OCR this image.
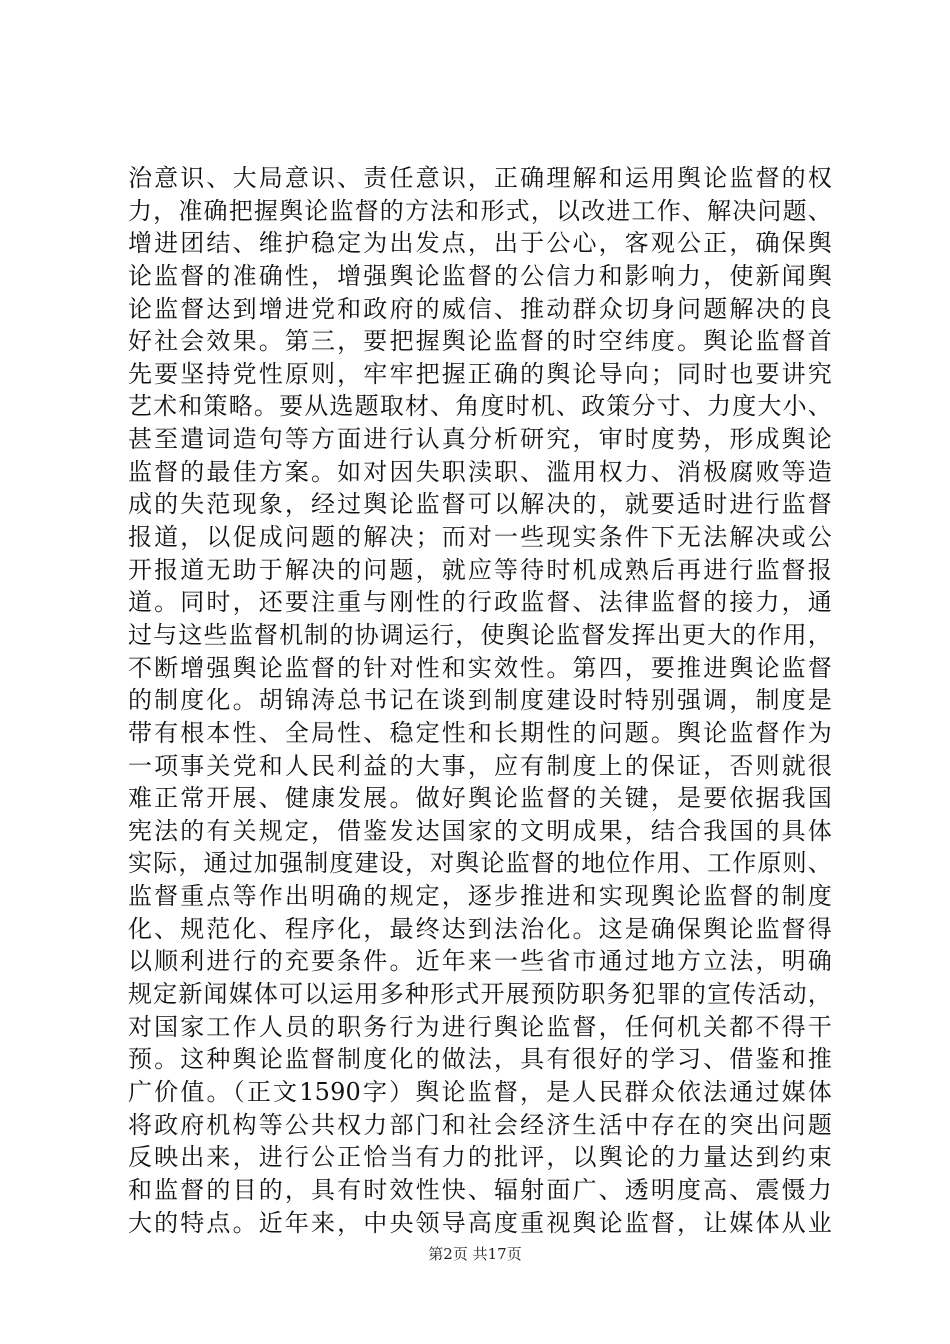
治意识、大局意识、责任意识，正确理解和运用舆论监督的权
力，准确把握舆论监督的方法和形式，以改进工作、解决问题、
增进团结、维护稳定为出发点，出于公心，客观公正，确保舆
论监督的准确性，增强舆论监督的公信力和影响力，使新闻舆
论监督达到增进党和政府的威信、推动群众切身问题解决的良
好社会效果。第三，要把握舆论监督的时空纬度。舆论监督首
先要坚持党性原则，牢牢把握正确的舆论导向；同时也要讲究
艺术和策略。要从选题取材、角度时机、政策分寸、力度大小、
甚至遣词造句等方面进行认真分析研究，审时度势，形成舆论
监督的最佳方案。如对因失职渎职、滥用权力、消极腐败等造
成的失范现象，经过舆论监督可以解决的，就要适时进行监督
报道，以促成问题的解决；而对一些现实条件下无法解决或公
开报道无助于解决的问题，就应等待时机成熟后再进行监督报
道。同时，还要注重与刚性的行政监督、法律监督的接力，通
过与这些监督机制的协调运行，使舆论监督发挥出更大的作用，
不断增强舆论监督的针对性和实效性。第四，要推进舆论监督
的制度化。胡锦涛总书记在谈到制度建设时特别强调，制度是
带有根本性、全局性、稳定性和长期性的问题。舆论监督作为
一项事关党和人民利益的大事，应有制度上的保证，否则就很
难正常开展、健康发展。做好舆论监督的关键，是要依据我国
宪法的有关规定，借鉴发达国家的文明成果，结合我国的具体
实际，通过加强制度建设，对舆论监督的地位作用、工作原则、
监督重点等作出明确的规定，逐步推进和实现舆论监督的制度
化、规范化、程序化，最终达到法治化。这是确保舆论监督得
以顺利进行的充要条件。近年来一些省市通过地方立法，明确
规定新闻媒体可以运用多种形式开展预防职务犯罪的宣传活动，
对国家工作人员的职务行为进行舆论监督，任何机关都不得干
预。这种舆论监督制度化的做法，具有很好的学习、借鉴和推
广价值。（正文1590字）舆论监督，是人民群众依法通过媒体
将政府机构等公共权力部门和社会经济生活中存在的突出问题
反映出来，进行公正恰当有力的批评，以舆论的力量达到约束
和监督的目的，具有时效性快、辐射面广、透明度高、震慑力
大的特点。近年来，中央领导高度重视舆论监督，让媒体从业
第2页 共17页
